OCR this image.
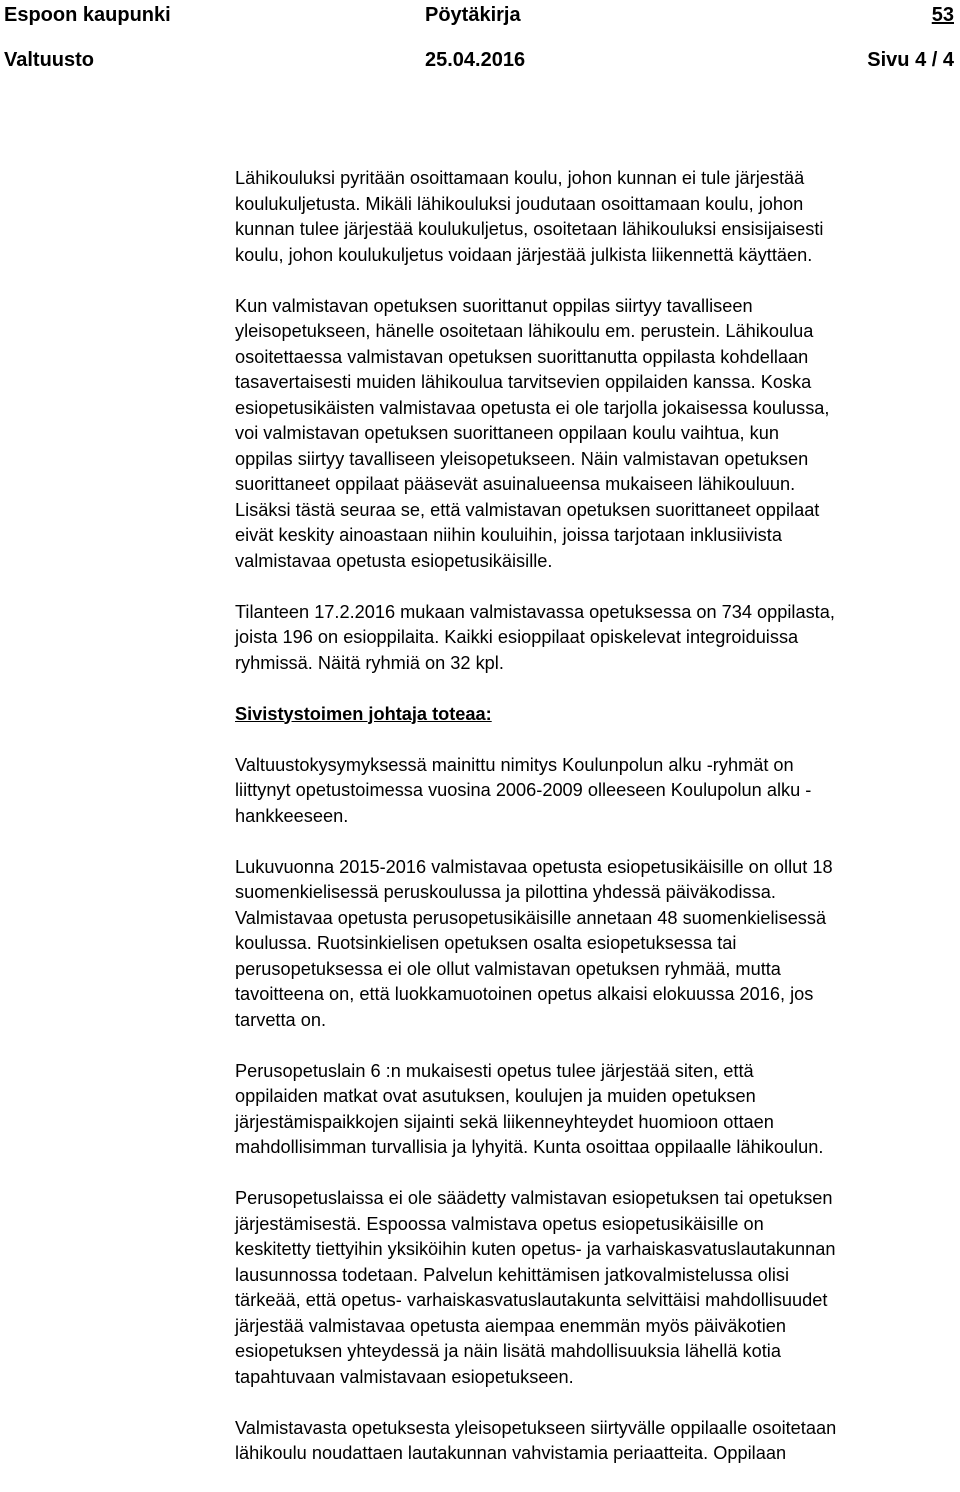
Espoon kaupunki	Pöytäkirja	53
Valtuusto	25.04.2016	Sivu 4 / 4

Lähikouluksi pyritään osoittamaan koulu, johon kunnan ei tule järjestää
koulukuljetusta. Mikäli lähikouluksi joudutaan osoittamaan koulu, johon
kunnan tulee järjestää koulukuljetus, osoitetaan lähikouluksi ensisijaisesti
koulu, johon koulukuljetus voidaan järjestää julkista liikennettä käyttäen.

Kun valmistavan opetuksen suorittanut oppilas siirtyy tavalliseen
yleisopetukseen, hänelle osoitetaan lähikoulu em. perustein. Lähikoulua
osoitettaessa valmistavan opetuksen suorittanutta oppilasta kohdellaan
tasavertaisesti muiden lähikoulua tarvitsevien oppilaiden kanssa. Koska
esiopetusikäisten valmistavaa opetusta ei ole tarjolla jokaisessa koulussa,
voi valmistavan opetuksen suorittaneen oppilaan koulu vaihtua, kun
oppilas siirtyy tavalliseen yleisopetukseen. Näin valmistavan opetuksen
suorittaneet oppilaat pääsevät asuinalueensa mukaiseen lähikouluun.
Lisäksi tästä seuraa se, että valmistavan opetuksen suorittaneet oppilaat
eivät keskity ainoastaan niihin kouluihin, joissa tarjotaan inklusiivista
valmistavaa opetusta esiopetusikäisille.

Tilanteen 17.2.2016 mukaan valmistavassa opetuksessa on 734 oppilasta,
joista 196 on esioppilaita. Kaikki esioppilaat opiskelevat integroiduissa
ryhmissä. Näitä ryhmiä on 32 kpl.

Sivistystoimen johtaja toteaa:

Valtuustokysymyksessä mainittu nimitys Koulunpolun alku -ryhmät on
liittynyt opetustoimessa vuosina 2006-2009 olleeseen Koulupolun alku -
hankkeeseen.

Lukuvuonna 2015-2016 valmistavaa opetusta esiopetusikäisille on ollut 18
suomenkielisessä peruskoulussa ja pilottina yhdessä päiväkodissa.
Valmistavaa opetusta perusopetusikäisille annetaan 48 suomenkielisessä
koulussa. Ruotsinkielisen opetuksen osalta esiopetuksessa tai
perusopetuksessa ei ole ollut valmistavan opetuksen ryhmää, mutta
tavoitteena on, että luokkamuotoinen opetus alkaisi elokuussa 2016, jos
tarvetta on.

Perusopetuslain 6 :n mukaisesti opetus tulee järjestää siten, että
oppilaiden matkat ovat asutuksen, koulujen ja muiden opetuksen
järjestämispaikkojen sijainti sekä liikenneyhteydet huomioon ottaen
mahdollisimman turvallisia ja lyhyitä. Kunta osoittaa oppilaalle lähikoulun.

Perusopetuslaissa ei ole säädetty valmistavan esiopetuksen tai opetuksen
järjestämisestä. Espoossa valmistava opetus esiopetusikäisille on
keskitetty tiettyihin yksiköihin kuten opetus- ja varhaiskasvatuslautakunnan
lausunnossa todetaan. Palvelun kehittämisen jatkovalmistelussa olisi
tärkeää, että opetus- varhaiskasvatuslautakunta selvittäisi mahdollisuudet
järjestää valmistavaa opetusta aiempaa enemmän myös päiväkotien
esiopetuksen yhteydessä ja näin lisätä mahdollisuuksia lähellä kotia
tapahtuvaan valmistavaan esiopetukseen.

Valmistavasta opetuksesta yleisopetukseen siirtyvälle oppilaalle osoitetaan
lähikoulu noudattaen lautakunnan vahvistamia periaatteita. Oppilaan
